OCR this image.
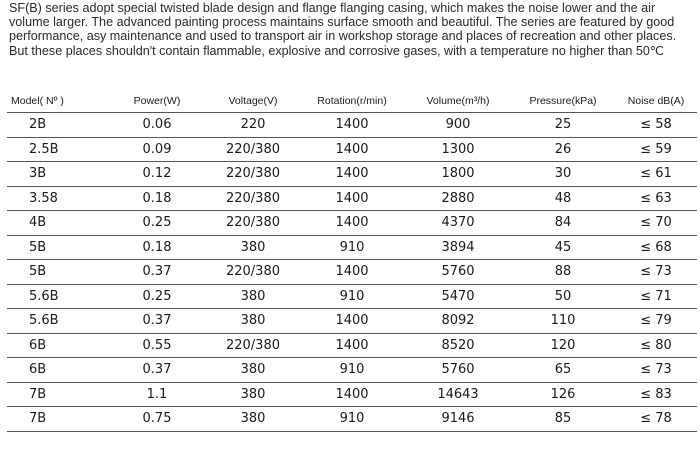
SF(B) series adopt special twisted blade design and flange flanging casing, which makes the noise lower and the air volume larger. The advanced painting process maintains surface smooth and beautiful. The series are featured by good performance, asy maintenance and used to transport air in workshop storage and places of recreation and other places. But these places shouldn't contain flammable, explosive and corrosive gases, with a temperature no higher than 50℃

Model( Nº )	Power(W)	Voltage(V)	Rotation(r/min)	Volume(m³/h)	Pressure(kPa)	Noise dB(A)
2B	0.06	220	1400	900	25	≤ 58
2.5B	0.09	220/380	1400	1300	26	≤ 59
3B	0.12	220/380	1400	1800	30	≤ 61
3.58	0.18	220/380	1400	2880	48	≤ 63
4B	0.25	220/380	1400	4370	84	≤ 70
5B	0.18	380	910	3894	45	≤ 68
5B	0.37	220/380	1400	5760	88	≤ 73
5.6B	0.25	380	910	5470	50	≤ 71
5.6B	0.37	380	1400	8092	110	≤ 79
6B	0.55	220/380	1400	8520	120	≤ 80
6B	0.37	380	910	5760	65	≤ 73
7B	1.1	380	1400	14643	126	≤ 83
7B	0.75	380	910	9146	85	≤ 78
